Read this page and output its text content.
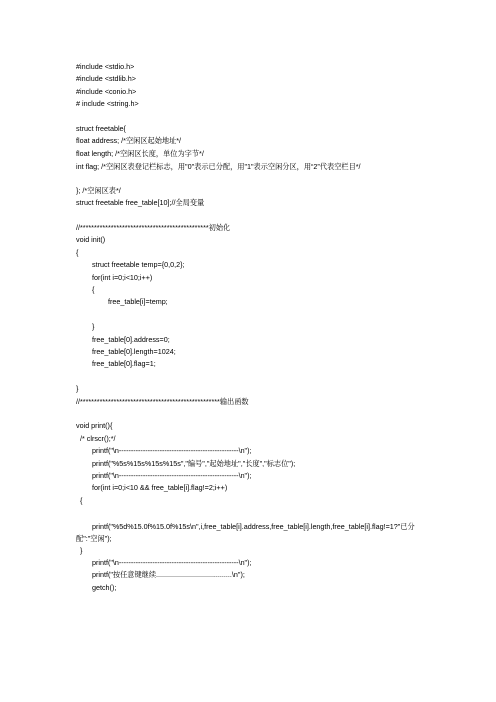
#include <stdio.h>

#include <stdlib.h>

#include <conio.h>

# include <string.h>

struct freetable{

float address; /*空闲区起始地址*/

float length; /*空闲区长度，单位为字节*/

int flag; /*空闲区表登记栏标志，用"0"表示已分配，用"1"表示空闲分区，用“2”代表空栏目*/

}; /*空闲区表*/

struct freetable free_table[10];//全局变量

//**********************************************初始化

void init()

{

struct freetable temp={0,0,2};

for(int i=0;i<10;i++)

{

free_table[i]=temp;

}

free_table[0].address=0;

free_table[0].length=1024;

free_table[0].flag=1;

}

//**************************************************输出函数

void print(){

/* clrscr();*/

printf("\n--------------------------------------------------\n");

printf("%5s%15s%15s%15s","编号","起始地址","长度","标志位");

printf("\n--------------------------------------------------\n");

for(int i=0;i<10 && free_table[i].flag!=2;i++)

{

printf("%5d%15.0f%15.0f%15s\n",i,free_table[i].address,free_table[i].length,free_table[i].flag!=1?"已分配":"空闲");

}

printf("\n--------------------------------------------------\n");

printf("按任意键继续......................................\n");

getch();
